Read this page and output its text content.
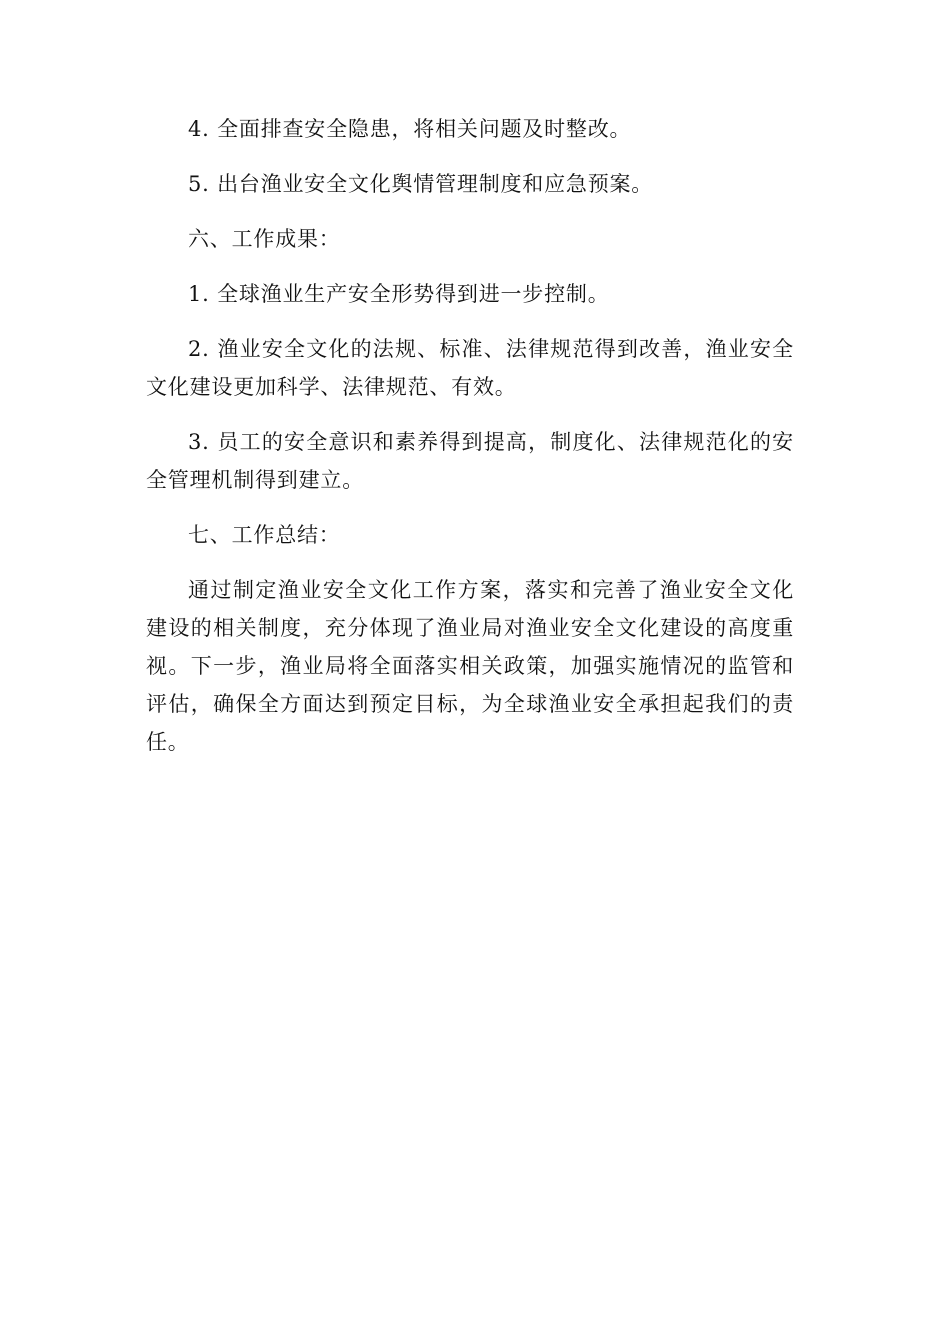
4. 全面排查安全隐患，将相关问题及时整改。

5. 出台渔业安全文化舆情管理制度和应急预案。

六、工作成果：

1. 全球渔业生产安全形势得到进一步控制。

2. 渔业安全文化的法规、标准、法律规范得到改善，渔业安全文化建设更加科学、法律规范、有效。

3. 员工的安全意识和素养得到提高，制度化、法律规范化的安全管理机制得到建立。

七、工作总结：

通过制定渔业安全文化工作方案，落实和完善了渔业安全文化建设的相关制度，充分体现了渔业局对渔业安全文化建设的高度重视。下一步，渔业局将全面落实相关政策，加强实施情况的监管和评估，确保全方面达到预定目标，为全球渔业安全承担起我们的责任。
